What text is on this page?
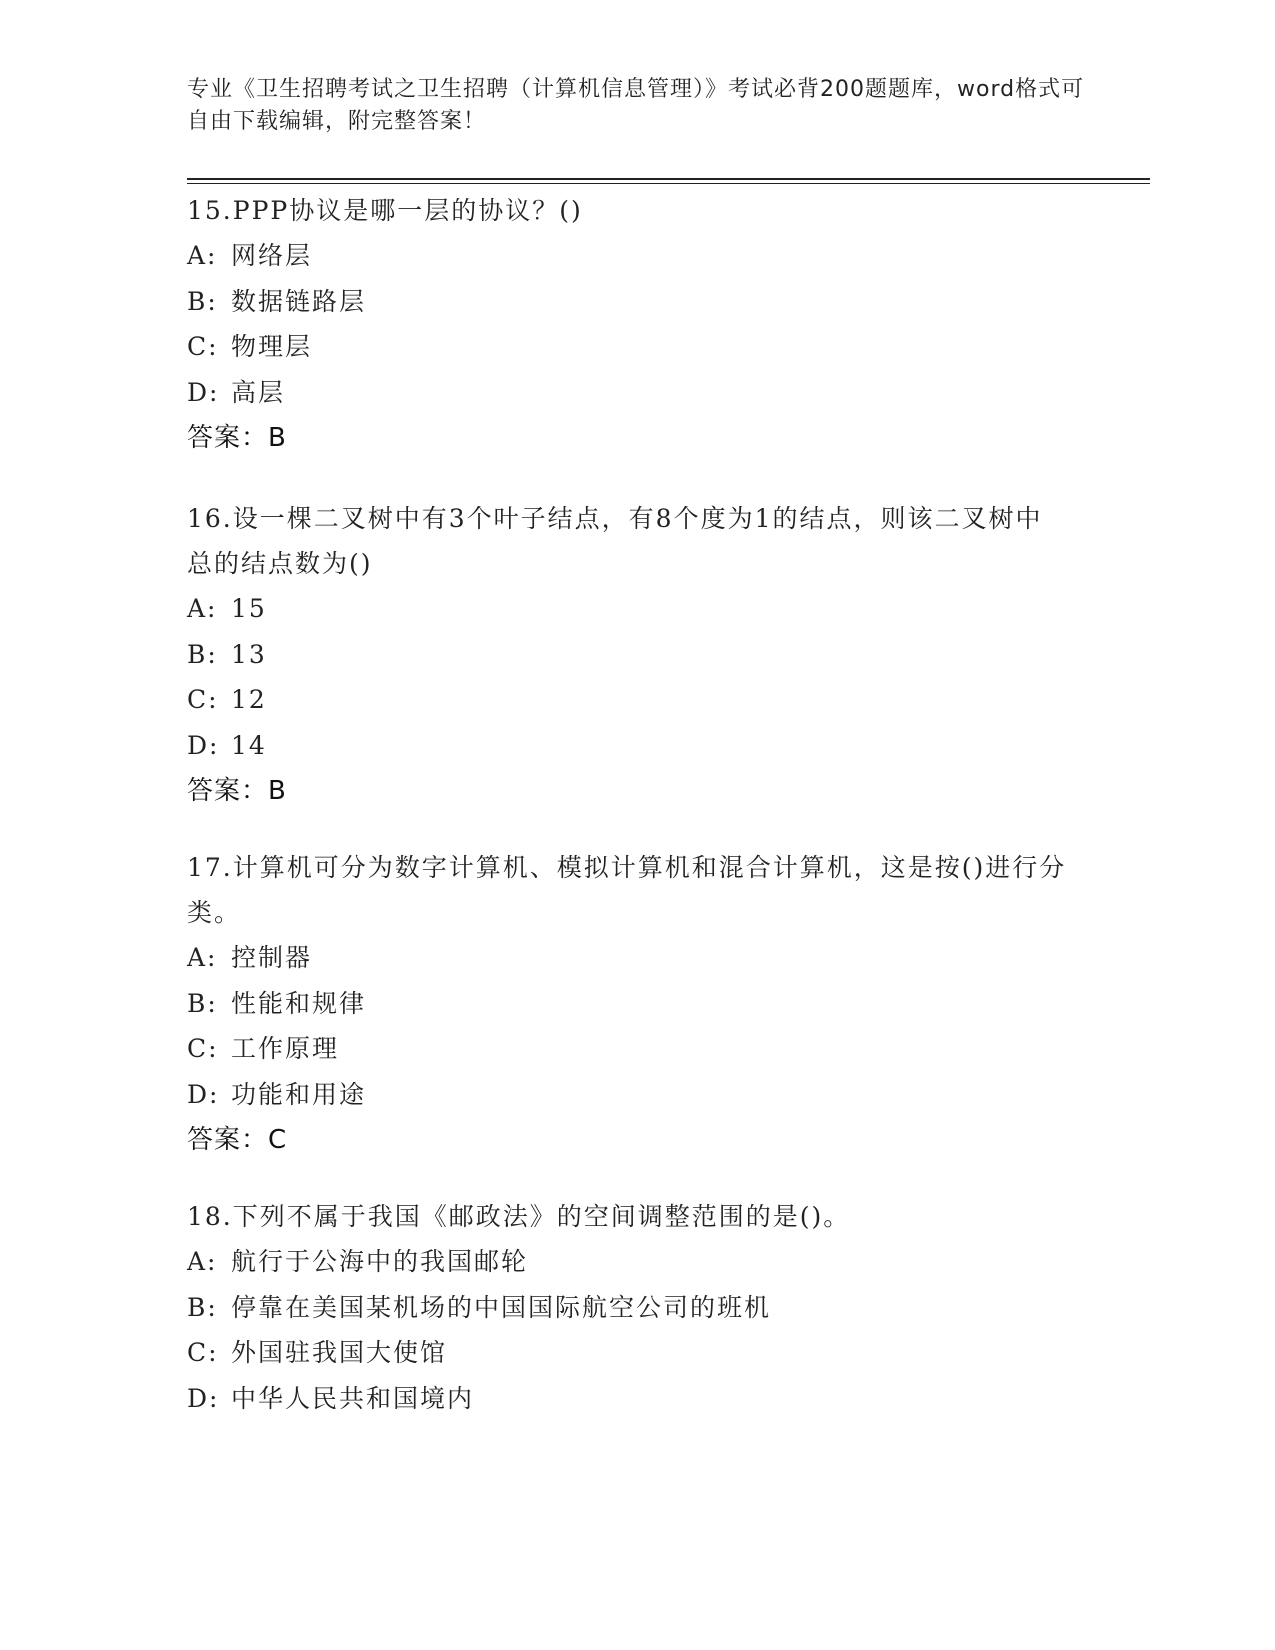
专业《卫生招聘考试之卫生招聘（计算机信息管理）》考试必背200题题库，word格式可自由下载编辑，附完整答案！
15.PPP协议是哪一层的协议？()
A: 网络层
B: 数据链路层
C: 物理层
D: 高层
答案：B
16.设一棵二叉树中有3个叶子结点，有8个度为1的结点，则该二叉树中总的结点数为()
A: 15
B: 13
C: 12
D: 14
答案：B
17.计算机可分为数字计算机、模拟计算机和混合计算机，这是按()进行分类。
A: 控制器
B: 性能和规律
C: 工作原理
D: 功能和用途
答案：C
18.下列不属于我国《邮政法》的空间调整范围的是()。
A: 航行于公海中的我国邮轮
B: 停靠在美国某机场的中国国际航空公司的班机
C: 外国驻我国大使馆
D: 中华人民共和国境内
